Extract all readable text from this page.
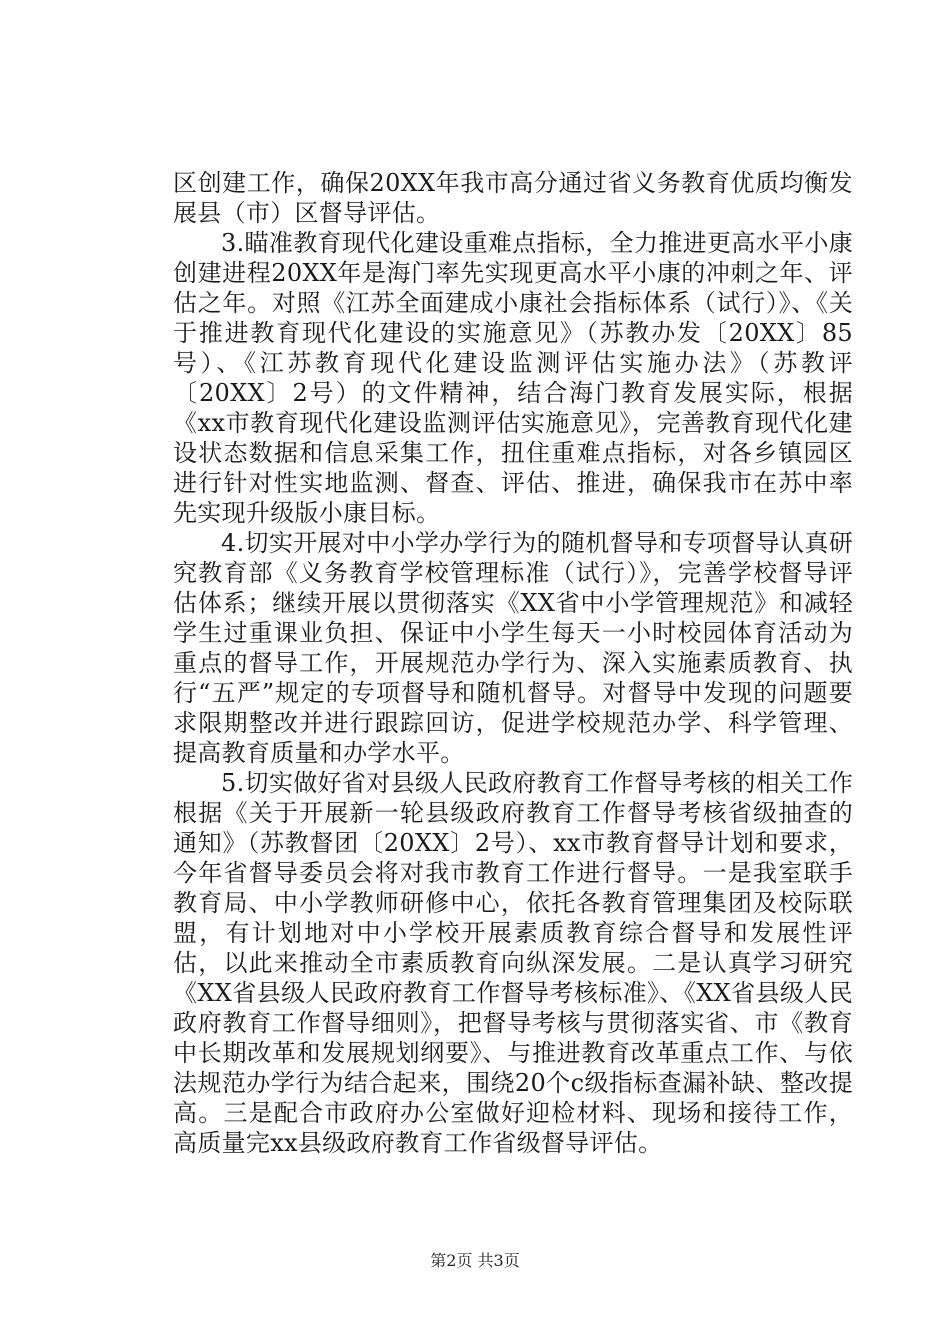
区创建工作，确保20XX年我市高分通过省义务教育优质均衡发展县（市）区督导评估。

3.瞄准教育现代化建设重难点指标，全力推进更高水平小康创建进程20XX年是海门率先实现更高水平小康的冲刺之年、评估之年。对照《江苏全面建成小康社会指标体系（试行）》、《关于推进教育现代化建设的实施意见》（苏教办发〔20XX〕85号）、《江苏教育现代化建设监测评估实施办法》（苏教评〔20XX〕2号）的文件精神，结合海门教育发展实际，根据《xx市教育现代化建设监测评估实施意见》，完善教育现代化建设状态数据和信息采集工作，扭住重难点指标，对各乡镇园区进行针对性实地监测、督查、评估、推进，确保我市在苏中率先实现升级版小康目标。

4.切实开展对中小学办学行为的随机督导和专项督导认真研究教育部《义务教育学校管理标准（试行）》，完善学校督导评估体系；继续开展以贯彻落实《XX省中小学管理规范》和减轻学生过重课业负担、保证中小学生每天一小时校园体育活动为重点的督导工作，开展规范办学行为、深入实施素质教育、执行“五严”规定的专项督导和随机督导。对督导中发现的问题要求限期整改并进行跟踪回访，促进学校规范办学、科学管理、提高教育质量和办学水平。

5.切实做好省对县级人民政府教育工作督导考核的相关工作根据《关于开展新一轮县级政府教育工作督导考核省级抽查的通知》（苏教督团〔20XX〕2号）、xx市教育督导计划和要求，今年省督导委员会将对我市教育工作进行督导。一是我室联手教育局、中小学教师研修中心，依托各教育管理集团及校际联盟，有计划地对中小学校开展素质教育综合督导和发展性评估，以此来推动全市素质教育向纵深发展。二是认真学习研究《XX省县级人民政府教育工作督导考核标准》、《XX省县级人民政府教育工作督导细则》，把督导考核与贯彻落实省、市《教育中长期改革和发展规划纲要》、与推进教育改革重点工作、与依法规范办学行为结合起来，围绕20个c级指标查漏补缺、整改提高。三是配合市政府办公室做好迎检材料、现场和接待工作，高质量完xx县级政府教育工作省级督导评估。

第2页 共3页
